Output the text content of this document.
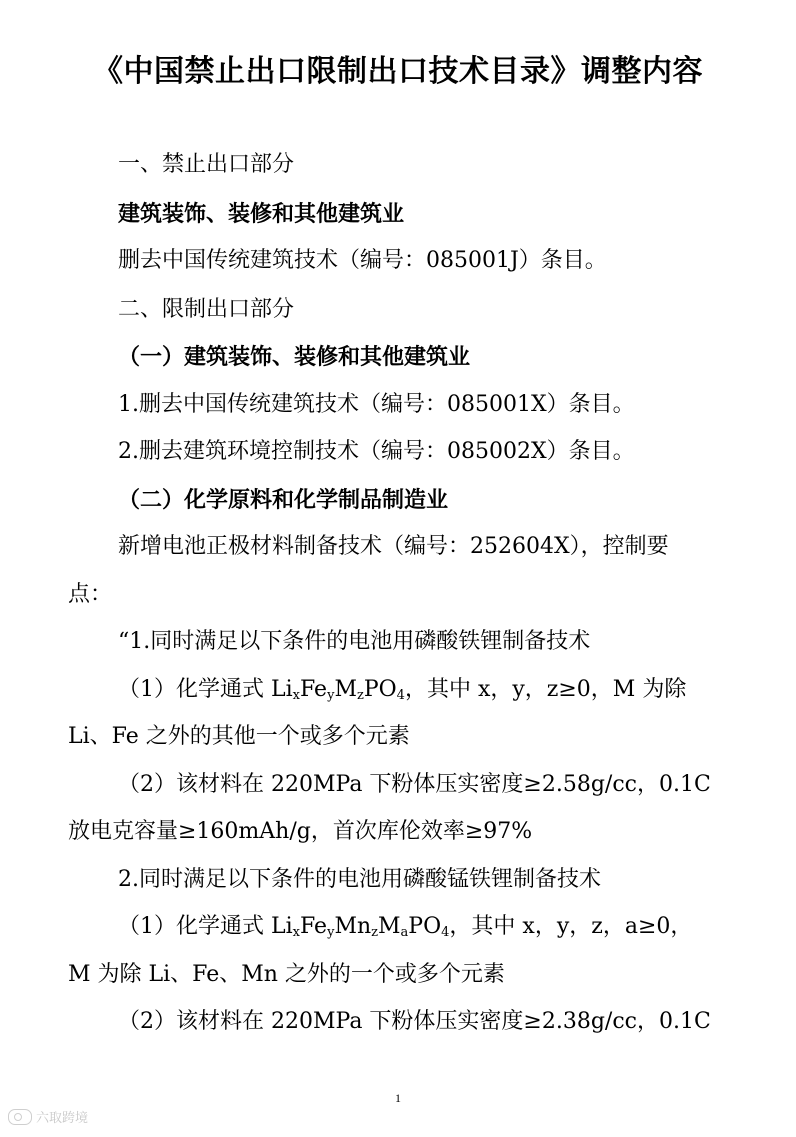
《中国禁止出口限制出口技术目录》调整内容
一、禁止出口部分
建筑装饰、装修和其他建筑业
删去中国传统建筑技术（编号：085001J）条目。
二、限制出口部分
（一）建筑装饰、装修和其他建筑业
1.删去中国传统建筑技术（编号：085001X）条目。
2.删去建筑环境控制技术（编号：085002X）条目。
（二）化学原料和化学制品制造业
新增电池正极材料制备技术（编号：252604X），控制要
点：
“1.同时满足以下条件的电池用磷酸铁锂制备技术
（1）化学通式 $Li_xFe_yM_zPO_4$，其中 x，y，z≥0，M 为除
Li、Fe 之外的其他一个或多个元素
（2）该材料在 220MPa 下粉体压实密度≥2.58g/cc，0.1C
放电克容量≥160mAh/g，首次库伦效率≥97%
2.同时满足以下条件的电池用磷酸锰铁锂制备技术
（1）化学通式 $Li_xFe_yMn_zM_aPO_4$，其中 x，y，z，a≥0，
M 为除 Li、Fe、Mn 之外的一个或多个元素
（2）该材料在 220MPa 下粉体压实密度≥2.38g/cc，0.1C
1
六取跨境
